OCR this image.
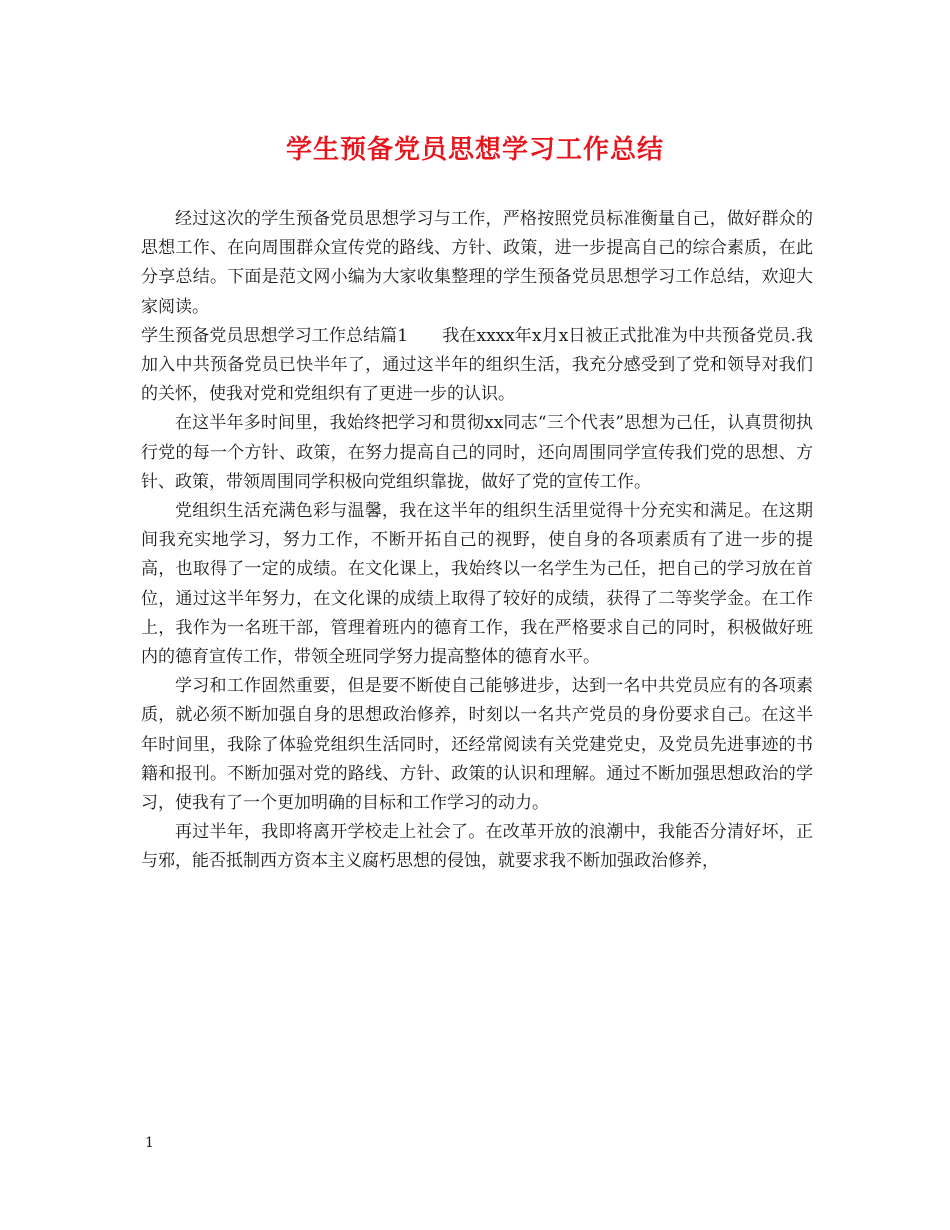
学生预备党员思想学习工作总结

经过这次的学生预备党员思想学习与工作，严格按照党员标准衡量自己，做好群众的思想工作、在向周围群众宣传党的路线、方针、政策，进一步提高自己的综合素质，在此分享总结。下面是范文网小编为大家收集整理的学生预备党员思想学习工作总结，欢迎大家阅读。

学生预备党员思想学习工作总结篇1　　我在xxxx年x月x日被正式批准为中共预备党员.我加入中共预备党员已快半年了，通过这半年的组织生活，我充分感受到了党和领导对我们的关怀，使我对党和党组织有了更进一步的认识。

在这半年多时间里，我始终把学习和贯彻xx同志“三个代表”思想为己任，认真贯彻执行党的每一个方针、政策，在努力提高自己的同时，还向周围同学宣传我们党的思想、方针、政策，带领周围同学积极向党组织靠拢，做好了党的宣传工作。

党组织生活充满色彩与温馨，我在这半年的组织生活里觉得十分充实和满足。在这期间我充实地学习，努力工作，不断开拓自己的视野，使自身的各项素质有了进一步的提高，也取得了一定的成绩。在文化课上，我始终以一名学生为己任，把自己的学习放在首位，通过这半年努力，在文化课的成绩上取得了较好的成绩，获得了二等奖学金。在工作上，我作为一名班干部，管理着班内的德育工作，我在严格要求自己的同时，积极做好班内的德育宣传工作，带领全班同学努力提高整体的德育水平。

学习和工作固然重要，但是要不断使自己能够进步，达到一名中共党员应有的各项素质，就必须不断加强自身的思想政治修养，时刻以一名共产党员的身份要求自己。在这半年时间里，我除了体验党组织生活同时，还经常阅读有关党建党史，及党员先进事迹的书籍和报刊。不断加强对党的路线、方针、政策的认识和理解。通过不断加强思想政治的学习，使我有了一个更加明确的目标和工作学习的动力。

再过半年，我即将离开学校走上社会了。在改革开放的浪潮中，我能否分清好坏，正与邪，能否抵制西方资本主义腐朽思想的侵蚀，就要求我不断加强政治修养，

1
